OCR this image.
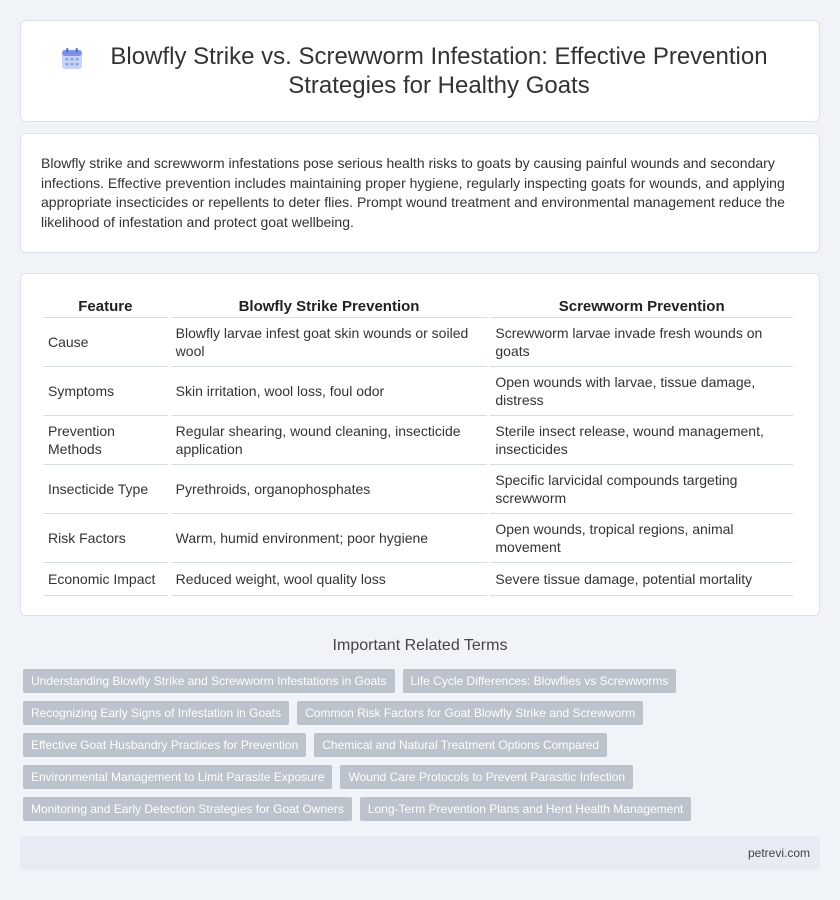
Blowfly Strike vs. Screwworm Infestation: Effective Prevention Strategies for Healthy Goats

Blowfly strike and screwworm infestations pose serious health risks to goats by causing painful wounds and secondary infections. Effective prevention includes maintaining proper hygiene, regularly inspecting goats for wounds, and applying appropriate insecticides or repellents to deter flies. Prompt wound treatment and environmental management reduce the likelihood of infestation and protect goat wellbeing.

Feature	Blowfly Strike Prevention	Screwworm Prevention
Cause	Blowfly larvae infest goat skin wounds or soiled wool	Screwworm larvae invade fresh wounds on goats
Symptoms	Skin irritation, wool loss, foul odor	Open wounds with larvae, tissue damage, distress
Prevention Methods	Regular shearing, wound cleaning, insecticide application	Sterile insect release, wound management, insecticides
Insecticide Type	Pyrethroids, organophosphates	Specific larvicidal compounds targeting screwworm
Risk Factors	Warm, humid environment; poor hygiene	Open wounds, tropical regions, animal movement
Economic Impact	Reduced weight, wool quality loss	Severe tissue damage, potential mortality
Important Related Terms
Understanding Blowfly Strike and Screwworm Infestations in Goats	Life Cycle Differences: Blowflies vs Screwworms
Recognizing Early Signs of Infestation in Goats	Common Risk Factors for Goat Blowfly Strike and Screwworm
Effective Goat Husbandry Practices for Prevention	Chemical and Natural Treatment Options Compared
Environmental Management to Limit Parasite Exposure	Wound Care Protocols to Prevent Parasitic Infection
Monitoring and Early Detection Strategies for Goat Owners	Long-Term Prevention Plans and Herd Health Management
petrevi.com
